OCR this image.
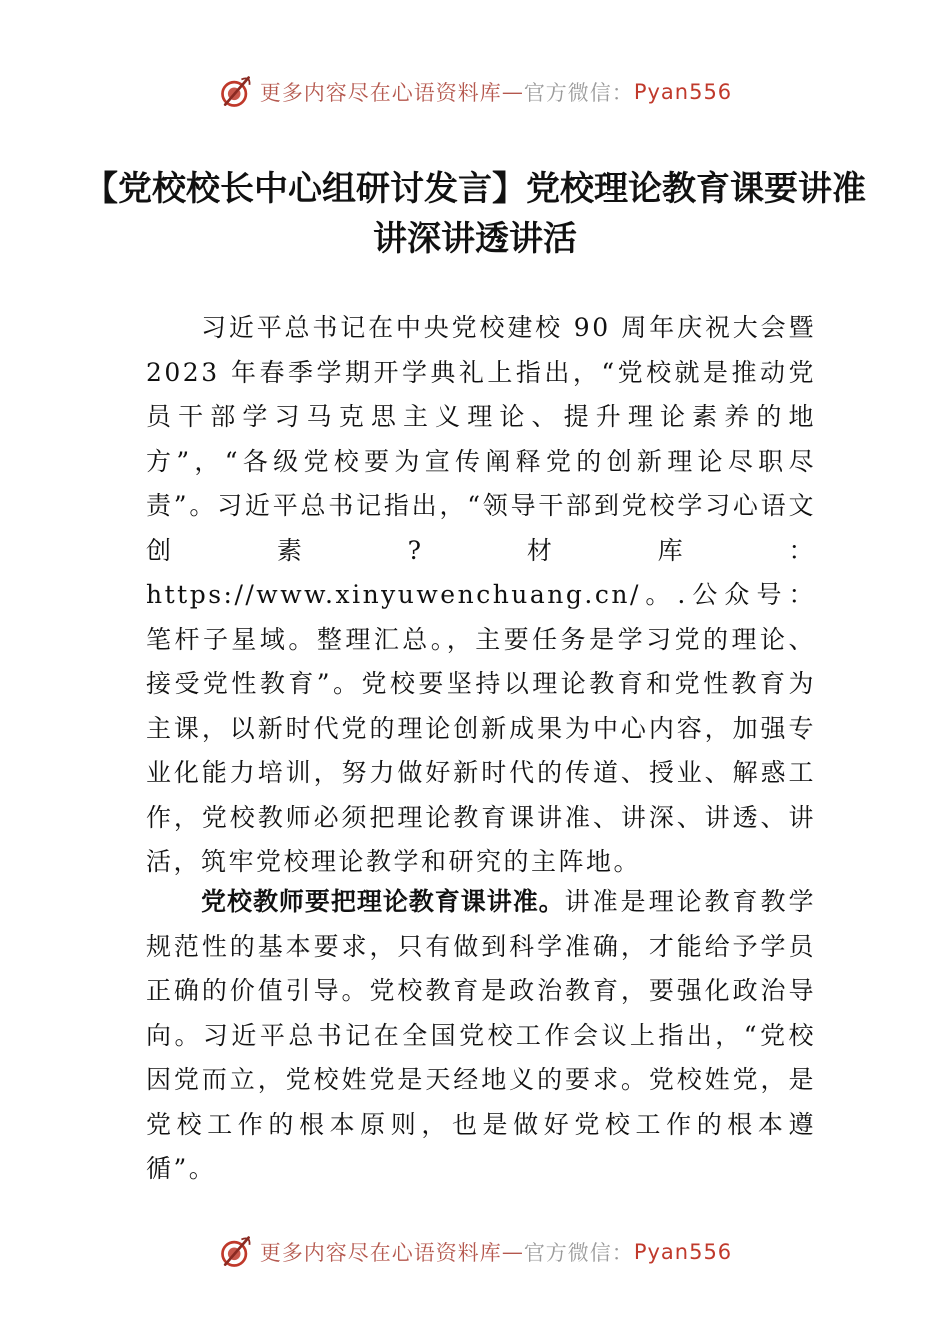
更多内容尽在心语资料库 — 官方微信： Pyan556
【党校校长中心组研讨发言】党校理论教育课要讲准讲深讲透讲活

习近平总书记在中央党校建校 90 周年庆祝大会暨 2023 年春季学期开学典礼上指出，“党校就是推动党员干部学习马克思主义理论、提升理论素养的地方”，“各级党校要为宣传阐释党的创新理论尽职尽责”。习近平总书记指出，“领导干部到党校学习心语文创素?材库：https://www.xinyuwenchuang.cn/。.公众号：笔杆子星域。整理汇总。，主要任务是学习党的理论、接受党性教育”。党校要坚持以理论教育和党性教育为主课，以新时代党的理论创新成果为中心内容，加强专业化能力培训，努力做好新时代的传道、授业、解惑工作，党校教师必须把理论教育课讲准、讲深、讲透、讲活，筑牢党校理论教学和研究的主阵地。

党校教师要把理论教育课讲准。讲准是理论教育教学规范性的基本要求，只有做到科学准确，才能给予学员正确的价值引导。党校教育是政治教育，要强化政治导向。习近平总书记在全国党校工作会议上指出，“党校因党而立，党校姓党是天经地义的要求。党校姓党，是党校工作的根本原则，也是做好党校工作的根本遵循”。

更多内容尽在心语资料库 — 官方微信： Pyan556
